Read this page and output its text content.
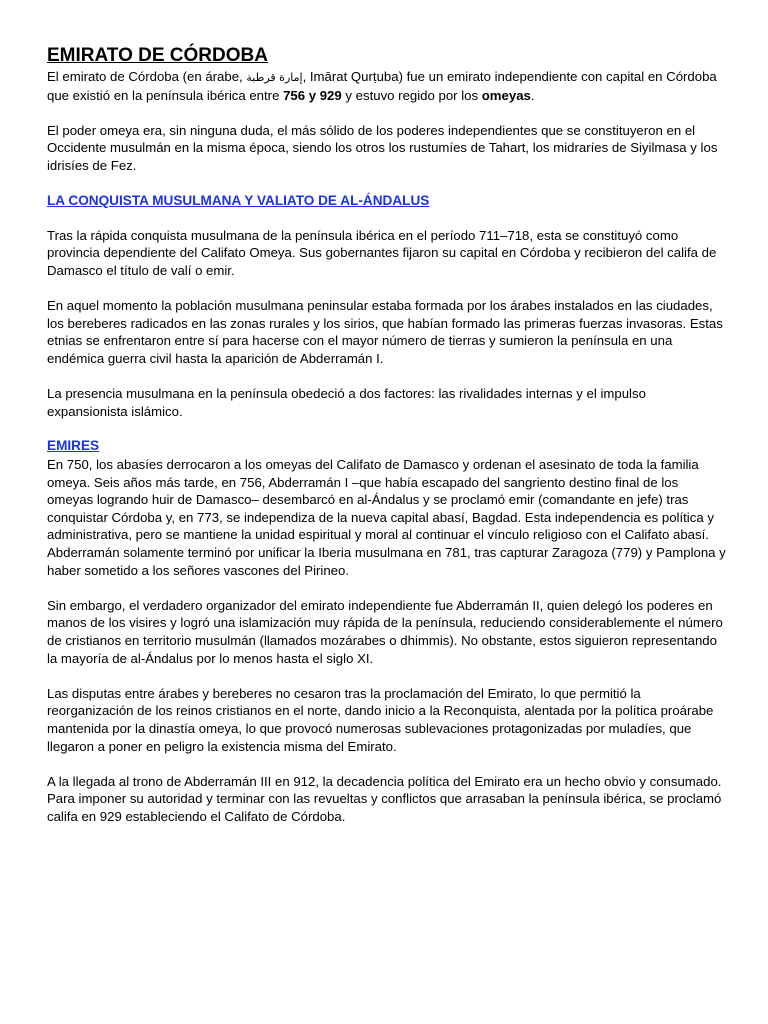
EMIRATO DE CÓRDOBA

El emirato de Córdoba (en árabe, إمارة قرطبة, Imārat Qurṭuba) fue un emirato independiente con capital en Córdoba que existió en la península ibérica entre 756 y 929 y estuvo regido por los omeyas.

El poder omeya era, sin ninguna duda, el más sólido de los poderes independientes que se constituyeron en el Occidente musulmán en la misma época, siendo los otros los rustumíes de Tahart, los midraríes de Siyilmasa y los idrisíes de Fez.

LA CONQUISTA MUSULMANA Y VALIATO DE AL-ÁNDALUS

Tras la rápida conquista musulmana de la península ibérica en el período 711–718, esta se constituyó como provincia dependiente del Califato Omeya. Sus gobernantes fijaron su capital en Córdoba y recibieron del califa de Damasco el título de valí o emir.

En aquel momento la población musulmana peninsular estaba formada por los árabes instalados en las ciudades, los bereberes radicados en las zonas rurales y los sirios, que habían formado las primeras fuerzas invasoras. Estas etnias se enfrentaron entre sí para hacerse con el mayor número de tierras y sumieron la península en una endémica guerra civil hasta la aparición de Abderramán I.

La presencia musulmana en la península obedeció a dos factores: las rivalidades internas y el impulso expansionista islámico.

EMIRES

En 750, los abasíes derrocaron a los omeyas del Califato de Damasco y ordenan el asesinato de toda la familia omeya. Seis años más tarde, en 756, Abderramán I –que había escapado del sangriento destino final de los omeyas logrando huir de Damasco– desembarcó en al-Ándalus y se proclamó emir (comandante en jefe) tras conquistar Córdoba y, en 773, se independiza de la nueva capital abasí, Bagdad. Esta independencia es política y administrativa, pero se mantiene la unidad espiritual y moral al continuar el vínculo religioso con el Califato abasí. Abderramán solamente terminó por unificar la Iberia musulmana en 781, tras capturar Zaragoza (779) y Pamplona y haber sometido a los señores vascones del Pirineo.

Sin embargo, el verdadero organizador del emirato independiente fue Abderramán II, quien delegó los poderes en manos de los visires y logró una islamización muy rápida de la península, reduciendo considerablemente el número de cristianos en territorio musulmán (llamados mozárabes o dhimmis). No obstante, estos siguieron representando la mayoría de al-Ándalus por lo menos hasta el siglo XI.

Las disputas entre árabes y bereberes no cesaron tras la proclamación del Emirato, lo que permitió la reorganización de los reinos cristianos en el norte, dando inicio a la Reconquista, alentada por la política proárabe mantenida por la dinastía omeya, lo que provocó numerosas sublevaciones protagonizadas por muladíes, que llegaron a poner en peligro la existencia misma del Emirato.

A la llegada al trono de Abderramán III en 912, la decadencia política del Emirato era un hecho obvio y consumado. Para imponer su autoridad y terminar con las revueltas y conflictos que arrasaban la península ibérica, se proclamó califa en 929 estableciendo el Califato de Córdoba.
